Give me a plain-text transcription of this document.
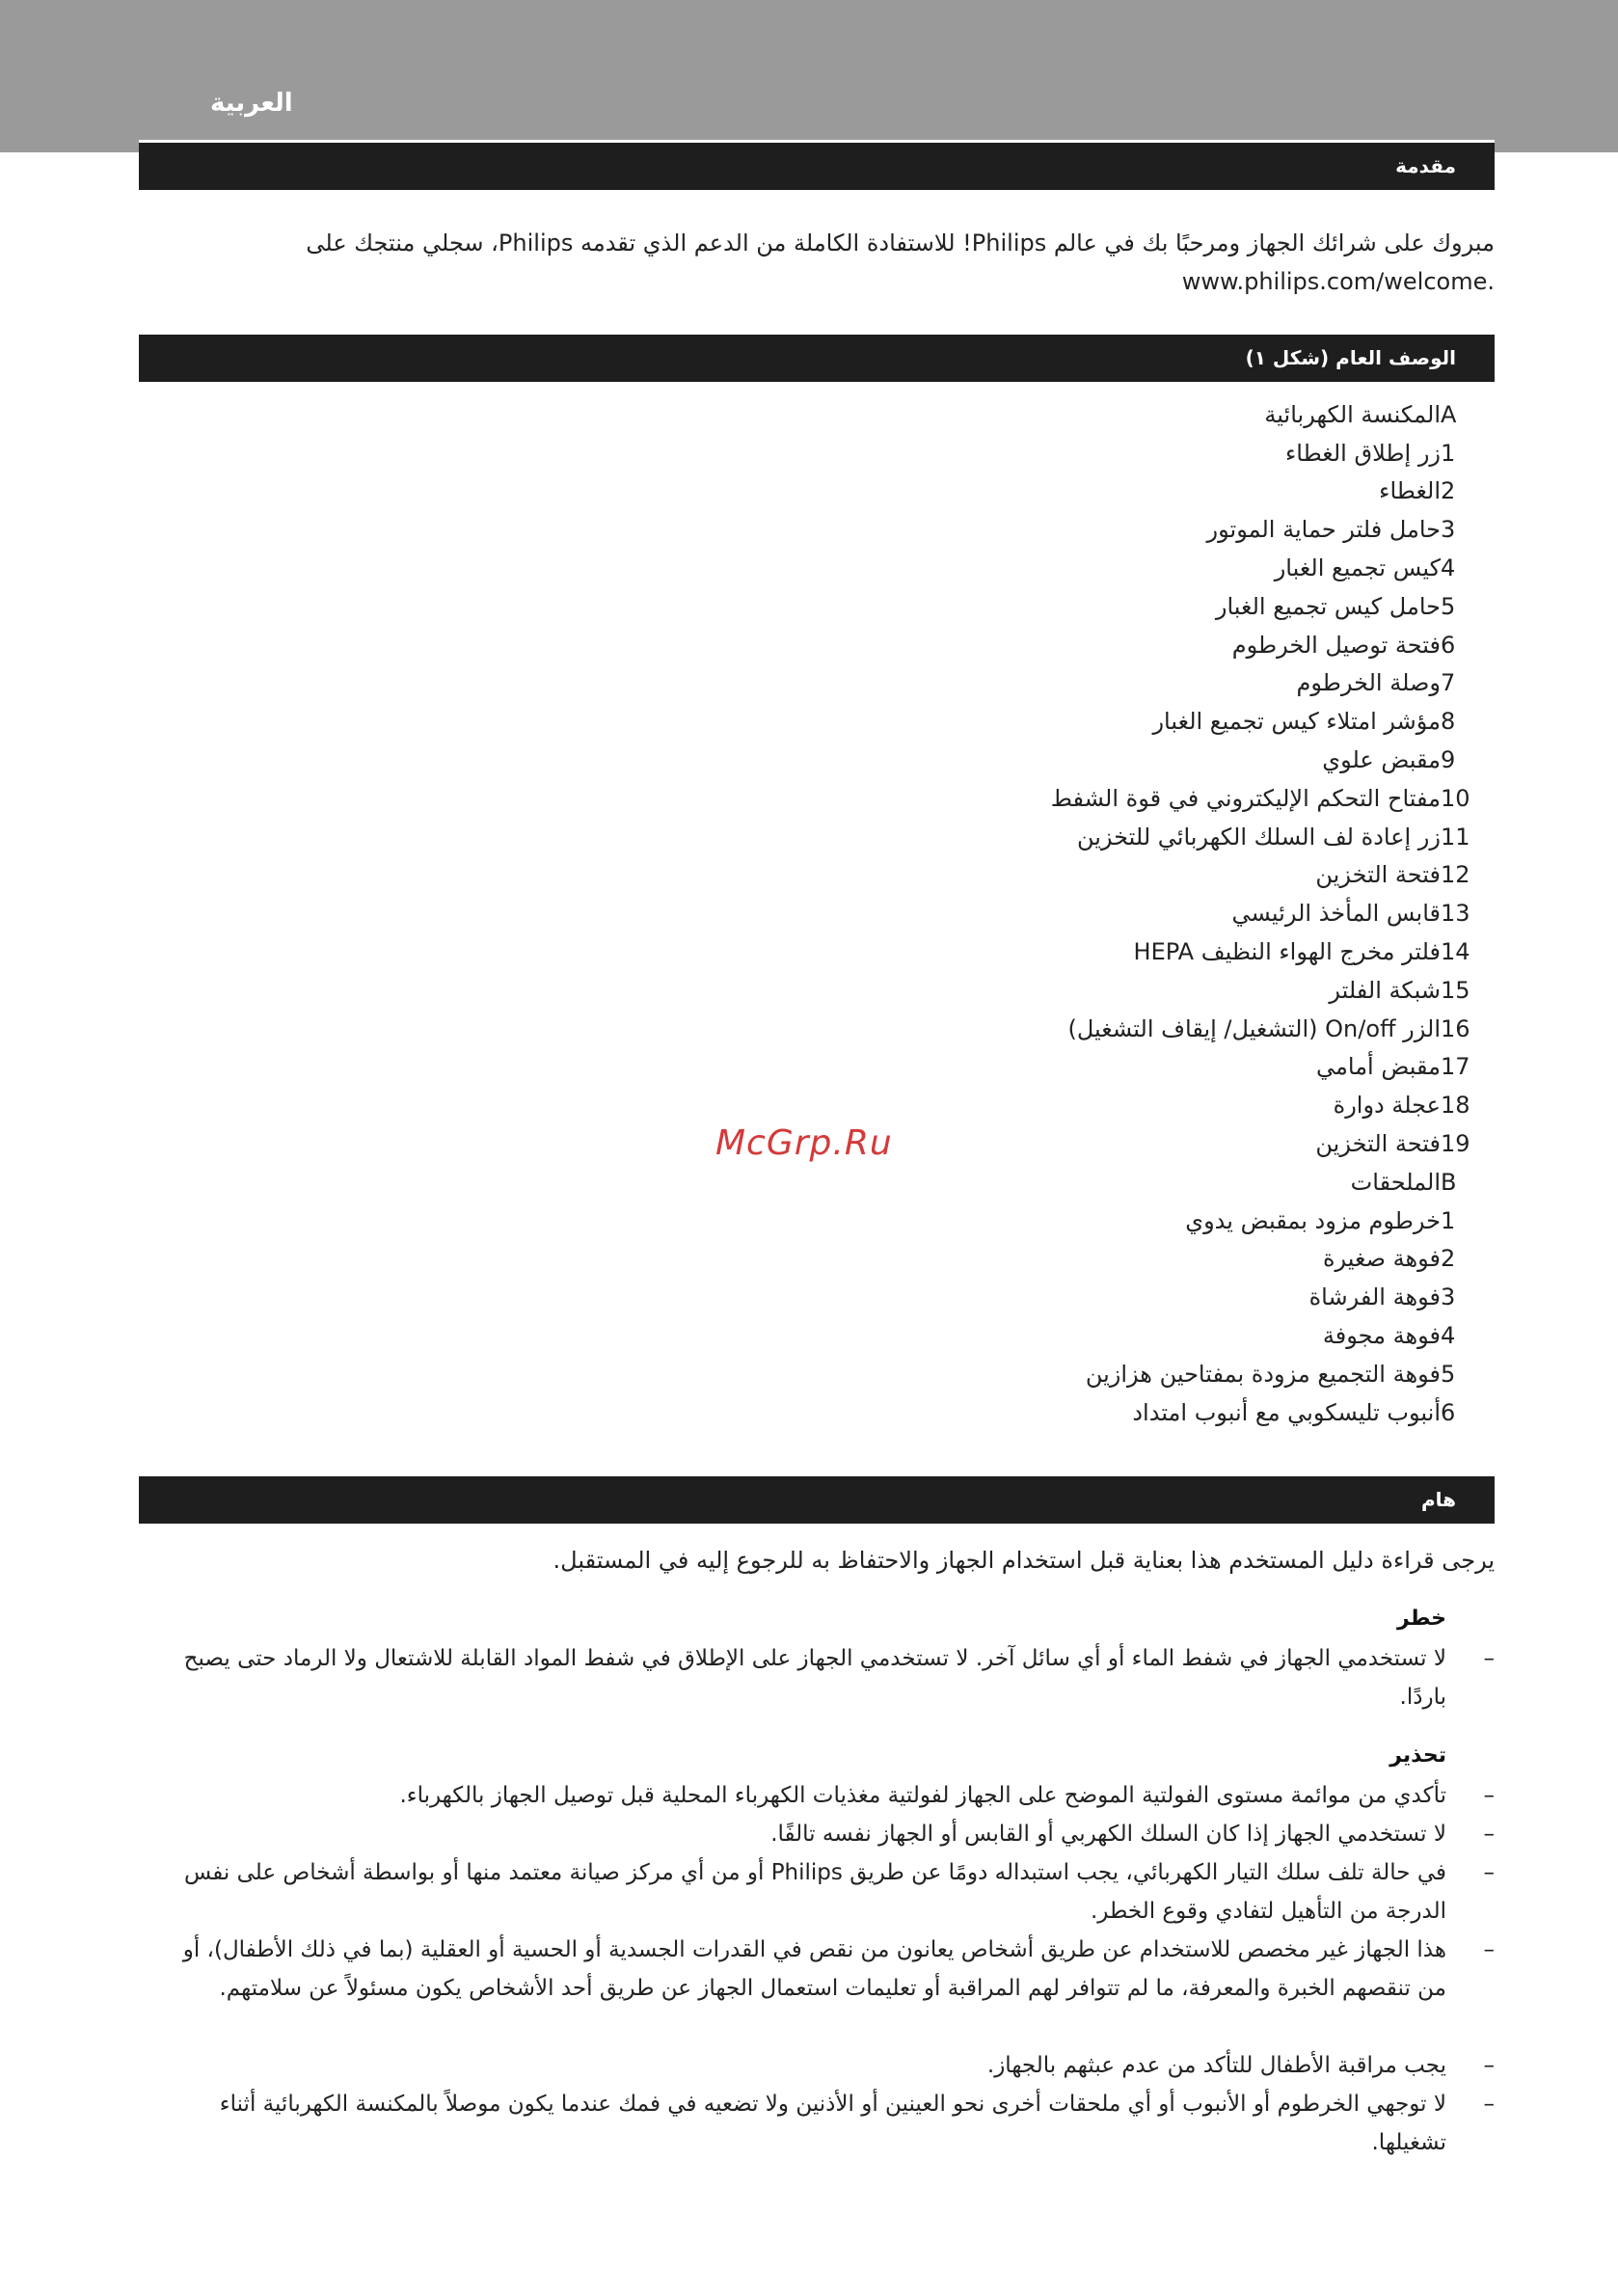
العربية
مقدمة
مبروك على شرائك الجهاز ومرحبًا بك في عالم Philips! للاستفادة الكاملة من الدعم الذي تقدمه Philips، سجلي منتجك على
.www.philips.com/welcome
الوصف العام (شكل ١)
A
المكنسة الكهربائية
1
زر إطلاق الغطاء
2
الغطاء
3
حامل فلتر حماية الموتور
4
كيس تجميع الغبار
5
حامل كيس تجميع الغبار
6
فتحة توصيل الخرطوم
7
وصلة الخرطوم
8
مؤشر امتلاء كيس تجميع الغبار
9
مقبض علوي
10
مفتاح التحكم الإليكتروني في قوة الشفط
11
زر إعادة لف السلك الكهربائي للتخزين
12
فتحة التخزين
13
قابس المأخذ الرئيسي
14
فلتر مخرج الهواء النظيف HEPA
15
شبكة الفلتر
16
الزر On/off (التشغيل/ إيقاف التشغيل)
17
مقبض أمامي
18
عجلة دوارة
19
فتحة التخزين
B
الملحقات
1
خرطوم مزود بمقبض يدوي
2
فوهة صغيرة
3
فوهة الفرشاة
4
فوهة مجوفة
5
فوهة التجميع مزودة بمفتاحين هزازين
6
أنبوب تليسكوبي مع أنبوب امتداد
McGrp.Ru
هام
يرجى قراءة دليل المستخدم هذا بعناية قبل استخدام الجهاز والاحتفاظ به للرجوع إليه في المستقبل.
خطر
–
لا تستخدمي الجهاز في شفط الماء أو أي سائل آخر. لا تستخدمي الجهاز على الإطلاق في شفط المواد القابلة للاشتعال ولا الرماد حتى يصبح باردًا.
تحذير
–
تأكدي من موائمة مستوى الفولتية الموضح على الجهاز لفولتية مغذيات الكهرباء المحلية قبل توصيل الجهاز بالكهرباء.
–
لا تستخدمي الجهاز إذا كان السلك الكهربي أو القابس أو الجهاز نفسه تالفًا.
–
في حالة تلف سلك التيار الكهربائي، يجب استبداله دومًا عن طريق Philips أو من أي مركز صيانة معتمد منها أو بواسطة أشخاص على نفس الدرجة من التأهيل لتفادي وقوع الخطر.
–
هذا الجهاز غير مخصص للاستخدام عن طريق أشخاص يعانون من نقص في القدرات الجسدية أو الحسية أو العقلية (بما في ذلك الأطفال)، أو من تنقصهم الخبرة والمعرفة، ما لم تتوافر لهم المراقبة أو تعليمات استعمال الجهاز عن طريق أحد الأشخاص يكون مسئولاً عن سلامتهم.
–
يجب مراقبة الأطفال للتأكد من عدم عبثهم بالجهاز.
–
لا توجهي الخرطوم أو الأنبوب أو أي ملحقات أخرى نحو العينين أو الأذنين ولا تضعيه في فمك عندما يكون موصلاً بالمكنسة الكهربائية أثناء تشغيلها.
